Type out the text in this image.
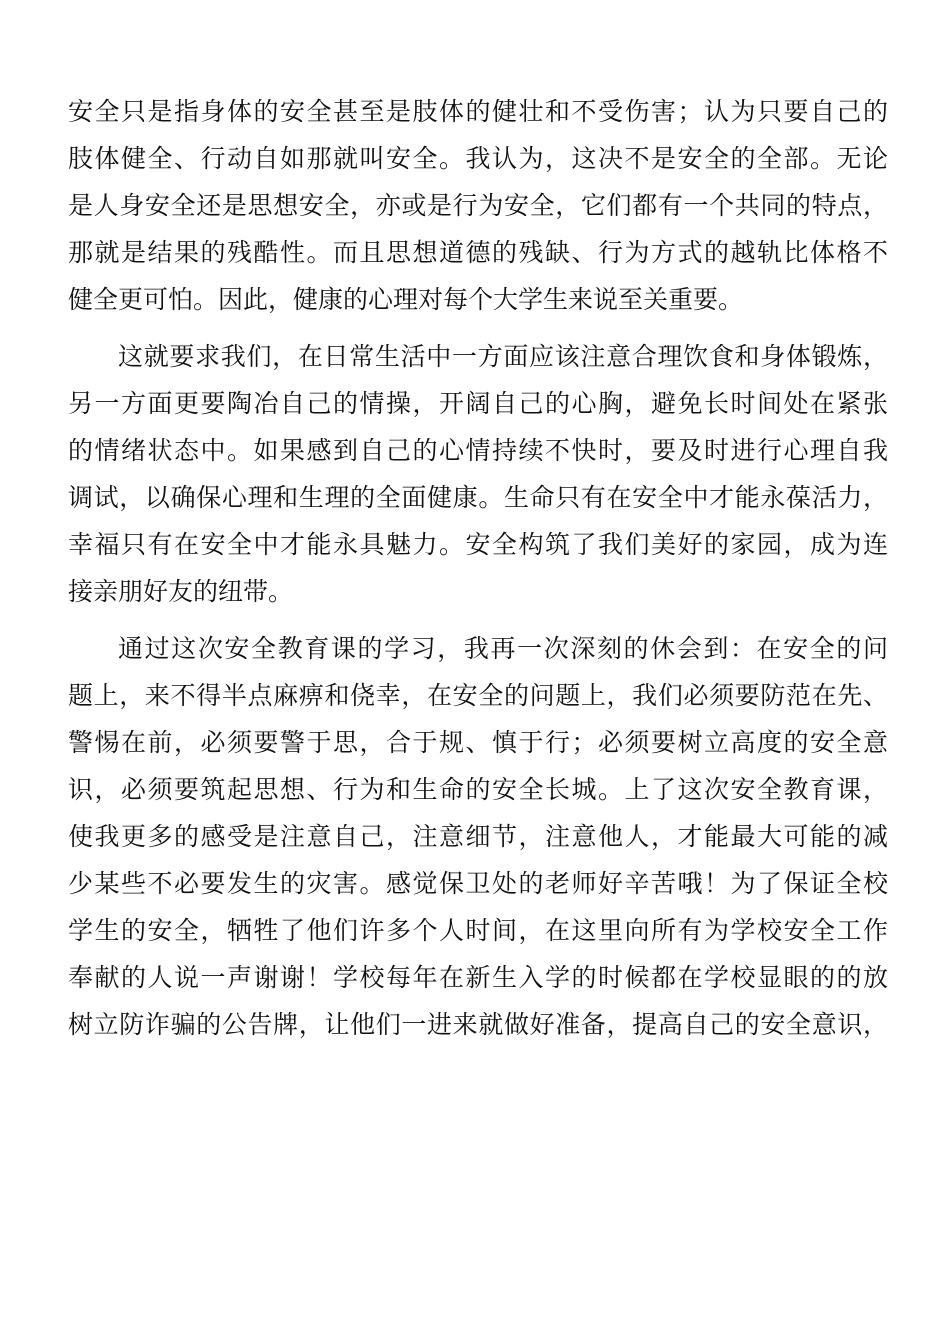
安全只是指身体的安全甚至是肢体的健壮和不受伤害；认为只要自己的
肢体健全、行动自如那就叫安全。我认为，这决不是安全的全部。无论
是人身安全还是思想安全，亦或是行为安全，它们都有一个共同的特点，
那就是结果的残酷性。而且思想道德的残缺、行为方式的越轨比体格不
健全更可怕。因此，健康的心理对每个大学生来说至关重要。
这就要求我们，在日常生活中一方面应该注意合理饮食和身体锻炼，
另一方面更要陶冶自己的情操，开阔自己的心胸，避免长时间处在紧张
的情绪状态中。如果感到自己的心情持续不快时，要及时进行心理自我
调试，以确保心理和生理的全面健康。生命只有在安全中才能永葆活力，
幸福只有在安全中才能永具魅力。安全构筑了我们美好的家园，成为连
接亲朋好友的纽带。
通过这次安全教育课的学习，我再一次深刻的休会到：在安全的问
题上，来不得半点麻痹和侥幸，在安全的问题上，我们必须要防范在先、
警惕在前，必须要警于思，合于规、慎于行；必须要树立高度的安全意
识，必须要筑起思想、行为和生命的安全长城。上了这次安全教育课，
使我更多的感受是注意自己，注意细节，注意他人，才能最大可能的减
少某些不必要发生的灾害。感觉保卫处的老师好辛苦哦！为了保证全校
学生的安全，牺牲了他们许多个人时间，在这里向所有为学校安全工作
奉献的人说一声谢谢！学校每年在新生入学的时候都在学校显眼的的放
树立防诈骗的公告牌，让他们一进来就做好准备，提高自己的安全意识，
